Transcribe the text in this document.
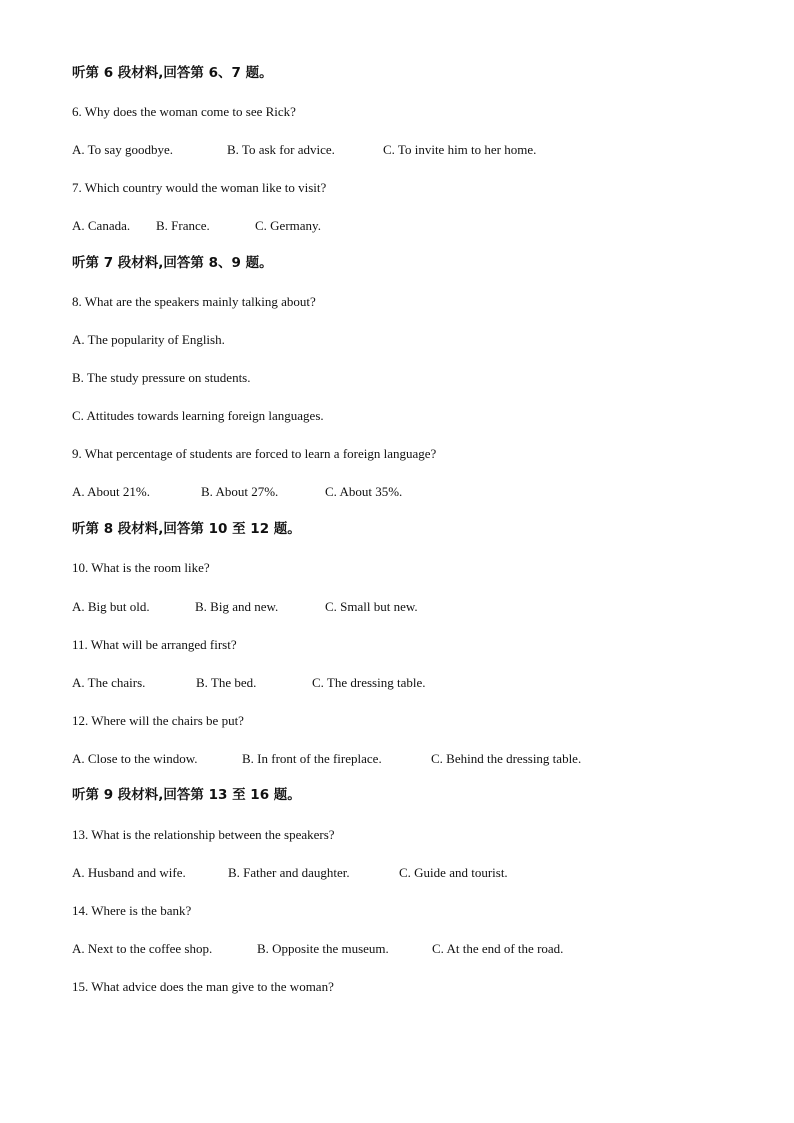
听第 6 段材料,回答第 6、7 题。
6. Why does the woman come to see Rick?
A. To say goodbye.	B. To ask for advice.	C. To invite him to her home.
7. Which country would the woman like to visit?
A. Canada. B. France.	C. Germany.
听第 7 段材料,回答第 8、9 题。
8. What are the speakers mainly talking about?
A. The popularity of English.
B. The study pressure on students.
C. Attitudes towards learning foreign languages.
9. What percentage of students are forced to learn a foreign language?
A. About 21%.	B. About 27%.	C. About 35%.
听第 8 段材料,回答第 10 至 12 题。
10. What is the room like?
A. Big but old.	B. Big and new.	C. Small but new.
11. What will be arranged first?
A. The chairs.	B. The bed.	C. The dressing table.
12. Where will the chairs be put?
A. Close to the window.	B. In front of the fireplace.	C. Behind the dressing table.
听第 9 段材料,回答第 13 至 16 题。
13. What is the relationship between the speakers?
A. Husband and wife.	B. Father and daughter.	C. Guide and tourist.
14. Where is the bank?
A. Next to the coffee shop.	B. Opposite the museum.	C. At the end of the road.
15. What advice does the man give to the woman?
